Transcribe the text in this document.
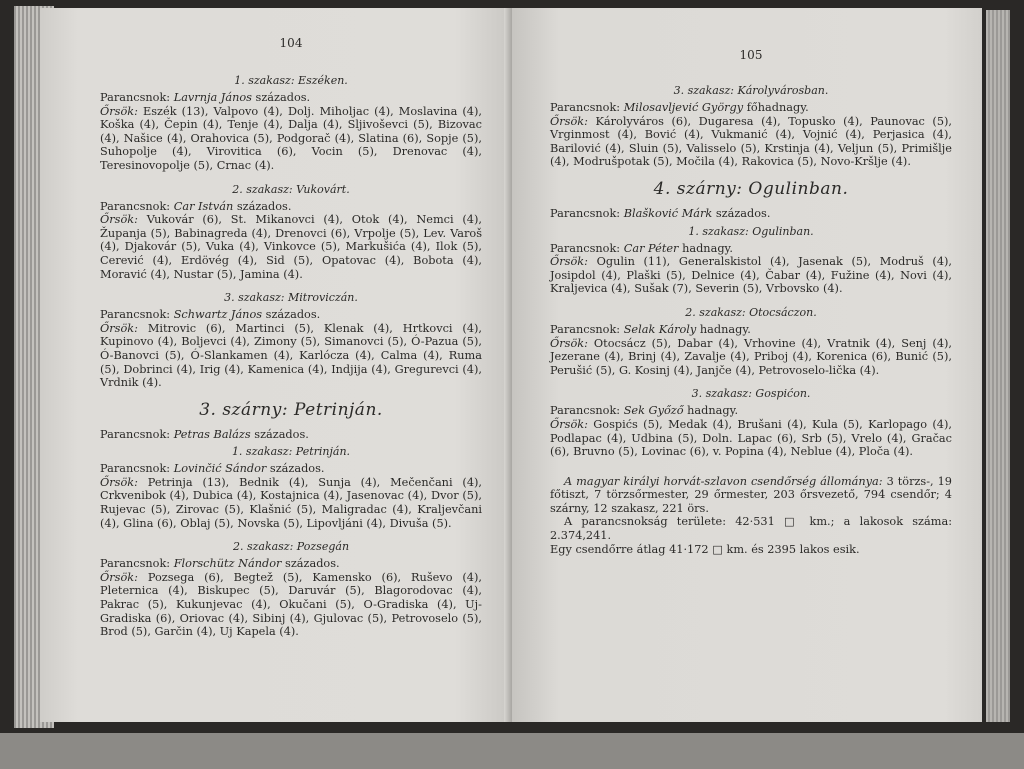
104
1. szakasz: Eszéken.

Parancsnok: Lavrnja János százados.

Őrsök: Eszék (13), Valpovo (4), Dolj. Miholjac (4), Moslavina (4), Koška (4), Čepin (4), Tenje (4), Dalja (4), Sljivoševci (5), Bizovac (4), Našice (4), Orahovica (5), Podgorač (4), Slatina (6), Sopje (5), Suhopolje (4), Virovitica (6), Vocin (5), Drenovac (4), Teresinovopolje (5), Crnac (4).

2. szakasz: Vukovárt.

Parancsnok: Car István százados.

Őrsök: Vukovár (6), St. Mikanovci (4), Otok (4), Nemci (4), Županja (5), Babinagreda (4), Drenovci (6), Vrpolje (5), Lev. Varoš (4), Djakovár (5), Vuka (4), Vinkovce (5), Markušića (4), Ilok (5), Cerević (4), Erdövég (4), Sid (5), Opatovac (4), Bobota (4), Moravić (4), Nustar (5), Jamina (4).

3. szakasz: Mitroviczán.

Parancsnok: Schwartz János százados.

Őrsök: Mitrovic (6), Martinci (5), Klenak (4), Hrtkovci (4), Kupinovo (4), Boljevci (4), Zimony (5), Simanovci (5), Ó-Pazua (5), Ó-Banovci (5), Ó-Slankamen (4), Karlócza (4), Calma (4), Ruma (5), Dobrinci (4), Irig (4), Kamenica (4), Indjija (4), Gregurevci (4), Vrdnik (4).

3. szárny: Petrinján.

Parancsnok: Petras Balázs százados.

1. szakasz: Petrinján.

Parancsnok: Lovinčić Sándor százados.

Őrsök: Petrinja (13), Bednik (4), Sunja (4), Mečenčani (4), Crkvenibok (4), Dubica (4), Kostajnica (4), Jasenovac (4), Dvor (5), Rujevac (5), Zirovac (5), Klašnić (5), Maligradac (4), Kraljevčani (4), Glina (6), Oblaj (5), Novska (5), Lipovljáni (4), Divuša (5).

2. szakasz: Pozsegán

Parancsnok: Florschütz Nándor százados.

Őrsök: Pozsega (6), Begtež (5), Kamensko (6), Ruševo (4), Pleternica (4), Biskupec (5), Daruvár (5), Blagorodovac (4), Pakrac (5), Kukunjevac (4), Okučani (5), O-Gradiska (4), Uj-Gradiska (6), Oriovac (4), Sibinj (4), Gjulovac (5), Petrovoselo (5), Brod (5), Garčin (4), Uj Kapela (4).

105
3. szakasz: Károlyvárosban.

Parancsnok: Milosavljević György főhadnagy.

Őrsök: Károlyváros (6), Dugaresa (4), Topusko (4), Paunovac (5), Vrginmost (4), Bović (4), Vukmanić (4), Vojnić (4), Perjasica (4), Barilović (4), Sluin (5), Valisselo (5), Krstinja (4), Veljun (5), Primišlje (4), Modrušpotak (5), Močila (4), Rakovica (5), Novo-Kršlje (4).

4. szárny: Ogulinban.

Parancsnok: Blašković Márk százados.

1. szakasz: Ogulinban.

Parancsnok: Car Péter hadnagy.

Őrsök: Ogulin (11), Generalskistol (4), Jasenak (5), Modruš (4), Josipdol (4), Plaški (5), Delnice (4), Čabar (4), Fužine (4), Novi (4), Kraljevica (4), Sušak (7), Severin (5), Vrbovsko (4).

2. szakasz: Otocsáczon.

Parancsnok: Selak Károly hadnagy.

Őrsök: Otocsácz (5), Dabar (4), Vrhovine (4), Vratnik (4), Senj (4), Jezerane (4), Brinj (4), Zavalje (4), Priboj (4), Korenica (6), Bunić (5), Perušić (5), G. Kosinj (4), Janjče (4), Petrovoselo-lička (4).

3. szakasz: Gospićon.

Parancsnok: Sek Győző hadnagy.

Őrsök: Gospićs (5), Medak (4), Brušani (4), Kula (5), Karlopago (4), Podlapac (4), Udbina (5), Doln. Lapac (6), Srb (5), Vrelo (4), Gračac (6), Bruvno (5), Lovinac (6), v. Popina (4), Neblue (4), Ploča (4).

A magyar királyi horvát-szlavon csendőrség állománya: 3 törzs-, 19 főtiszt, 7 törzsőrmester, 29 őrmester, 203 őrsvezető, 794 csendőr; 4 szárny, 12 szakasz, 221 örs.

A parancsnokság területe: 42·531 □ km.; a lakosok száma: 2.374,241.

Egy csendőrre átlag 41·172 □ km. és 2395 lakos esik.
